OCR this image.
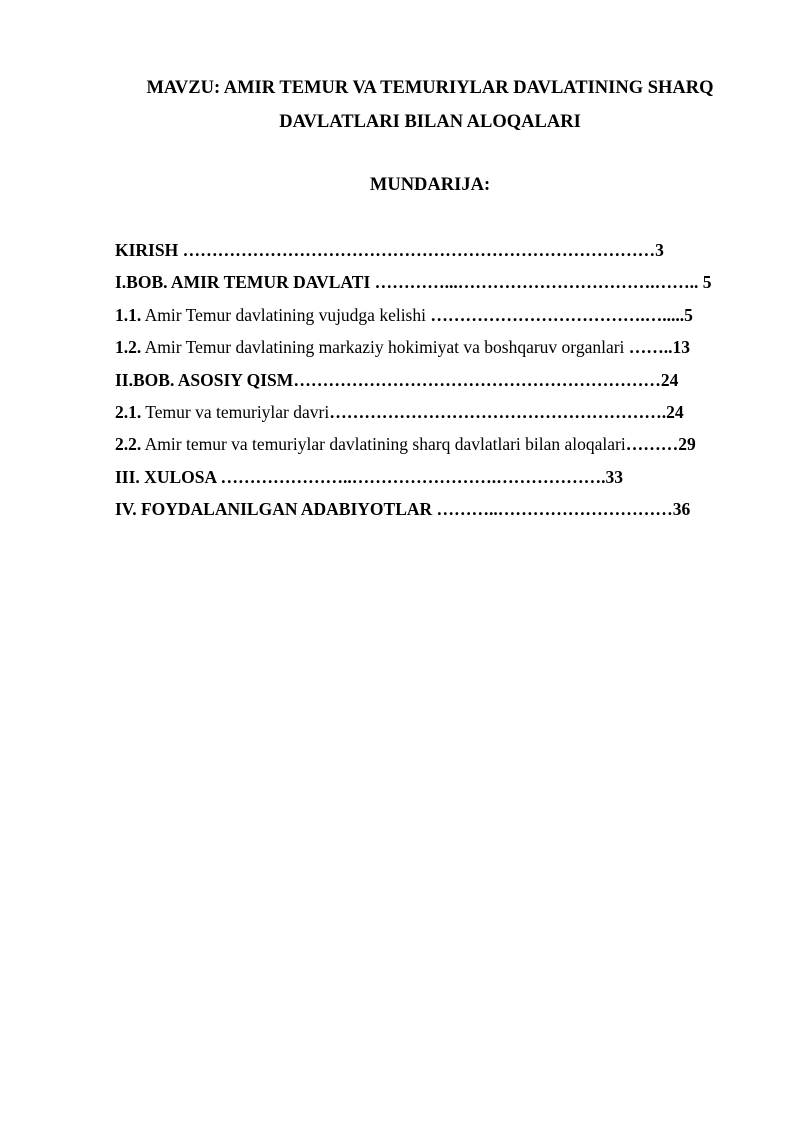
MAVZU: AMIR TEMUR VA TEMURIYLAR DAVLATINING SHARQ
DAVLATLARI BILAN ALOQALARI
MUNDARIJA:
KIRISH ………………………………………………………………………3
I.BOB. AMIR TEMUR DAVLATI …………...…………………………….…….. 5
1.1. Amir Temur davlatining vujudga kelishi ……………………………….….....5
1.2. Amir Temur davlatining markaziy hokimiyat va boshqaruv organlari ……..13
II.BOB. ASOSIY QISM………………………………………………………24
2.1. Temur va temuriylar davri………………………………………………….24
2.2. Amir temur va temuriylar davlatining sharq davlatlari bilan aloqalari………29
III. XULOSA …………………..…………………….……………….33
IV. FOYDALANILGAN ADABIYOTLAR ………..…………………………36
